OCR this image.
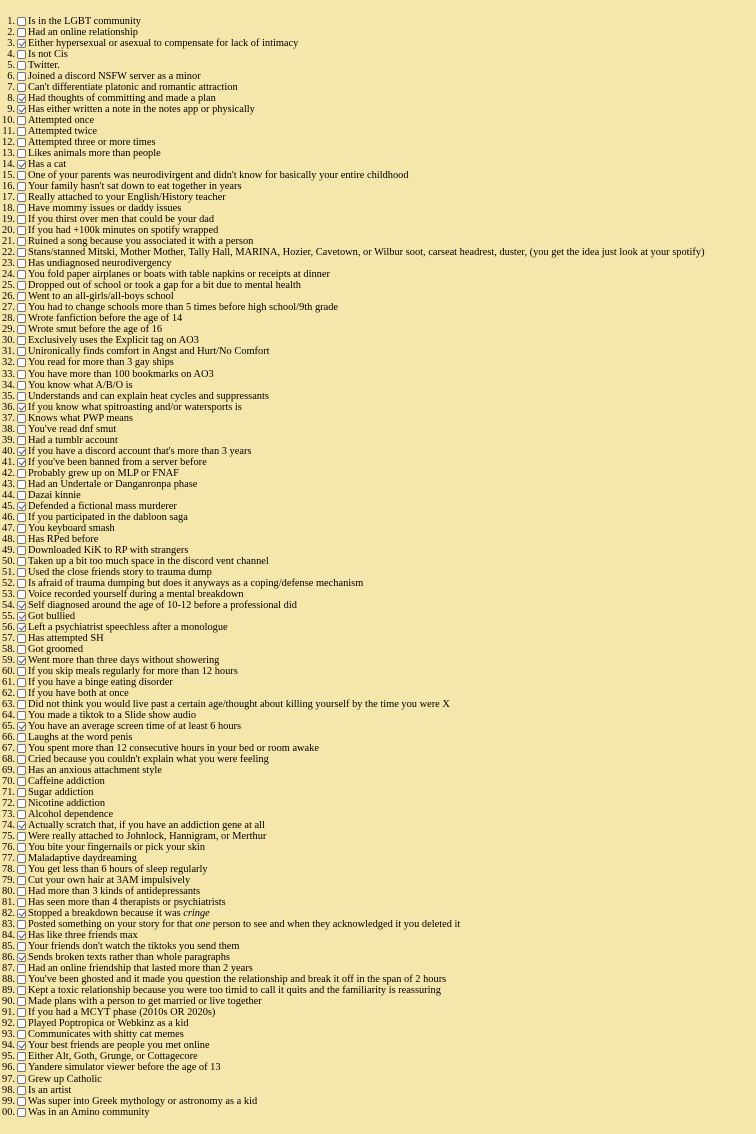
1. Is in the LGBT community
2. Had an online relationship
3. Either hypersexual or asexual to compensate for lack of intimacy
4. Is not Cis
5. Twitter.
6. Joined a discord NSFW server as a minor
7. Can't differentiate platonic and romantic attraction
8. Had thoughts of committing and made a plan
9. Has either written a note in the notes app or physically
10. Attempted once
11. Attempted twice
12. Attempted three or more times
13. Likes animals more than people
14. Has a cat
15. One of your parents was neurodivirgent and didn't know for basically your entire childhood
16. Your family hasn't sat down to eat together in years
17. Really attached to your English/History teacher
18. Have mommy issues or daddy issues
19. If you thirst over men that could be your dad
20. If you had +100k minutes on spotify wrapped
21. Ruined a song because you associated it with a person
22. Stans/stanned Mitski, Mother Mother, Tally Hall, MARINA, Hozier, Cavetown, or Wilbur soot, carseat headrest, duster, (you get the idea just look at your spotify)
23. Has undiagnosed neurodivergency
24. You fold paper airplanes or boats with table napkins or receipts at dinner
25. Dropped out of school or took a gap for a bit due to mental health
26. Went to an all-girls/all-boys school
27. You had to change schools more than 5 times before high school/9th grade
28. Wrote fanfiction before the age of 14
29. Wrote smut before the age of 16
30. Exclusively uses the Explicit tag on AO3
31. Unironically finds comfort in Angst and Hurt/No Comfort
32. You read for more than 3 gay ships
33. You have more than 100 bookmarks on AO3
34. You know what A/B/O is
35. Understands and can explain heat cycles and suppressants
36. If you know what spitroasting and/or watersports is
37. Knows what PWP means
38. You've read dnf smut
39. Had a tumblr account
40. If you have a discord account that's more than 3 years
41. If you've been banned from a server before
42. Probably grew up on MLP or FNAF
43. Had an Undertale or Danganronpa phase
44. Dazai kinnie
45. Defended a fictional mass murderer
46. If you participated in the dabloon saga
47. You keyboard smash
48. Has RPed before
49. Downloaded KiK to RP with strangers
50. Taken up a bit too much space in the discord vent channel
51. Used the close friends story to trauma dump
52. Is afraid of trauma dumping but does it anyways as a coping/defense mechanism
53. Voice recorded yourself during a mental breakdown
54. Self diagnosed around the age of 10-12 before a professional did
55. Got bullied
56. Left a psychiatrist speechless after a monologue
57. Has attempted SH
58. Got groomed
59. Went more than three days without showering
60. If you skip meals regularly for more than 12 hours
61. If you have a binge eating disorder
62. If you have both at once
63. Did not think you would live past a certain age/thought about killing yourself by the time you were X
64. You made a tiktok to a Slide show audio
65. You have an average screen time of at least 6 hours
66. Laughs at the word penis
67. You spent more than 12 consecutive hours in your bed or room awake
68. Cried because you couldn't explain what you were feeling
69. Has an anxious attachment style
70. Caffeine addiction
71. Sugar addiction
72. Nicotine addiction
73. Alcohol dependence
74. Actually scratch that, if you have an addiction gene at all
75. Were really attached to Johnlock, Hannigram, or Merthur
76. You bite your fingernails or pick your skin
77. Maladaptive daydreaming
78. You get less than 6 hours of sleep regularly
79. Cut your own hair at 3AM impulsively
80. Had more than 3 kinds of antidepressants
81. Has seen more than 4 therapists or psychiatrists
82. Stopped a breakdown because it was cringe
83. Posted something on your story for that one person to see and when they acknowledged it you deleted it
84. Has like three friends max
85. Your friends don't watch the tiktoks you send them
86. Sends broken texts rather than whole paragraphs
87. Had an online friendship that lasted more than 2 years
88. You've been ghosted and it made you question the relationship and break it off in the span of 2 hours
89. Kept a toxic relationship because you were too timid to call it quits and the familiarity is reassuring
90. Made plans with a person to get married or live together
91. If you had a MCYT phase (2010s OR 2020s)
92. Played Poptropica or Webkinz as a kid
93. Communicates with shitty cat memes
94. Your best friends are people you met online
95. Either Alt, Goth, Grunge, or Cottagecore
96. Yandere simulator viewer before the age of 13
97. Grew up Catholic
98. Is an artist
99. Was super into Greek mythology or astronomy as a kid
00. Was in an Amino community
